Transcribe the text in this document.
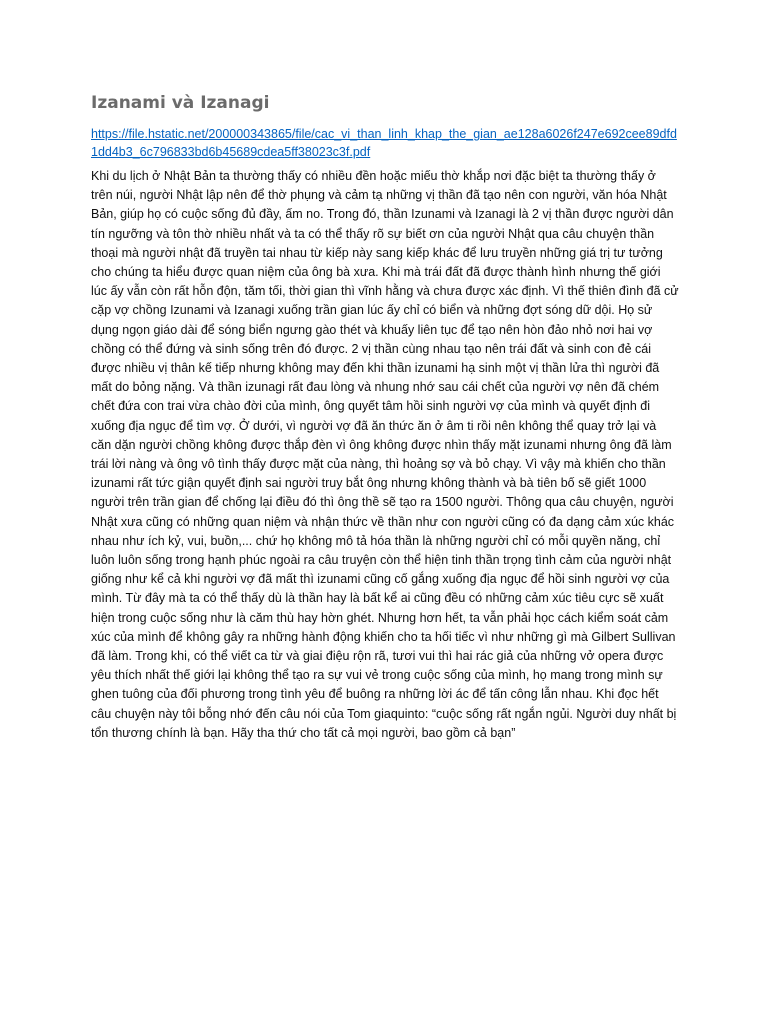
Izanami và Izanagi
https://file.hstatic.net/200000343865/file/cac_vi_than_linh_khap_the_gian_ae128a6026f247e692cee89dfd1dd4b3_6c796833bd6b45689cdea5ff38023c3f.pdf

Khi du lịch ở Nhật Bản ta thường thấy có nhiều đền hoặc miếu thờ khắp nơi đặc biệt ta thường thấy ở trên núi, người Nhật lập nên để thờ phụng và cảm tạ những vị thần đã tạo nên con người, văn hóa Nhật Bản, giúp họ có cuộc sống đủ đầy, ấm no. Trong đó, thần Izunami và Izanagi là 2 vị thần được người dân tín ngưỡng và tôn thờ nhiều nhất và ta có thể thấy rõ sự biết ơn của người Nhật qua câu chuyện thần thoại mà người nhật đã truyền tai nhau từ kiếp này sang kiếp khác để lưu truyền những giá trị tư tưởng cho chúng ta hiểu được quan niệm của ông bà xưa. Khi mà trái đất đã được thành hình nhưng thế giới lúc ấy vẫn còn rất hỗn độn, tăm tối, thời gian thì vĩnh hằng và chưa được xác định. Vì thế thiên đình đã cử cặp vợ chồng Izunami và Izanagi xuống trần gian lúc ấy chỉ có biển và những đợt sóng dữ dội. Họ sử dụng ngọn giáo dài để sóng biển ngưng gào thét và khuấy liên tục để tạo nên hòn đảo nhỏ nơi hai vợ chồng có thể đứng và sinh sống trên đó được. 2 vị thần cùng nhau tạo nên trái đất và sinh con đẻ cái được nhiều vị thân kế tiếp nhưng không may đến khi thần izunami hạ sinh một vị thần lửa thì người đã mất do bỏng nặng. Và thần izunagi rất đau lòng và nhung nhớ sau cái chết của người vợ nên đã chém chết đứa con trai vừa chào đời của mình, ông quyết tâm hồi sinh người vợ của mình và quyết định đi xuống địa ngục để tìm vợ. Ở dưới, vì người vợ đã ăn thức ăn ở âm ti rồi nên không thể quay trở lại và căn dặn người chồng không được thắp đèn vì ông không được nhìn thấy mặt izunami nhưng ông đã làm trái lời nàng và ông vô tình thấy được mặt của nàng, thì hoảng sợ và bỏ chạy. Vì vậy mà khiến cho thần izunami rất tức giận quyết định sai người truy bắt ông nhưng không thành và bà tiên bố sẽ giết 1000 người trên trần gian để chống lại điều đó thì ông thề sẽ tạo ra 1500 người. Thông qua câu chuyện, người Nhật xưa cũng có những quan niệm và nhận thức về thần như con người cũng có đa dạng cảm xúc khác nhau như ích kỷ, vui, buồn,... chứ họ không mô tả hóa thần là những người chỉ có mỗi quyền năng, chỉ luôn luôn sống trong hạnh phúc ngoài ra câu truyện còn thể hiện tinh thần trọng tình cảm của người nhật giống như kể cả khi người vợ đã mất thì izunami cũng cố gắng xuống địa ngục để hồi sinh người vợ của mình. Từ đây mà ta có thể thấy dù là thần hay là bất kể ai cũng đều có những cảm xúc tiêu cực sẽ xuất hiện trong cuộc sống như là căm thù hay hờn ghét. Nhưng hơn hết, ta vẫn phải học cách kiểm soát cảm xúc của mình để không gây ra những hành động khiến cho ta hối tiếc vì như những gì mà Gilbert Sullivan đã làm. Trong khi, có thể viết ca từ và giai điệu rộn rã, tươi vui thì hai rác giả của những vở opera được yêu thích nhất thế giới lại không thể tạo ra sự vui vẻ trong cuộc sống của mình, họ mang trong mình sự ghen tuông của đối phương trong tình yêu để buông ra những lời ác để tấn công lẫn nhau. Khi đọc hết câu chuyện này tôi bỗng nhớ đến câu nói của Tom giaquinto: “cuộc sống rất ngắn ngủi. Người duy nhất bị tổn thương chính là bạn. Hãy tha thứ cho tất cả mọi người, bao gồm cả bạn”
